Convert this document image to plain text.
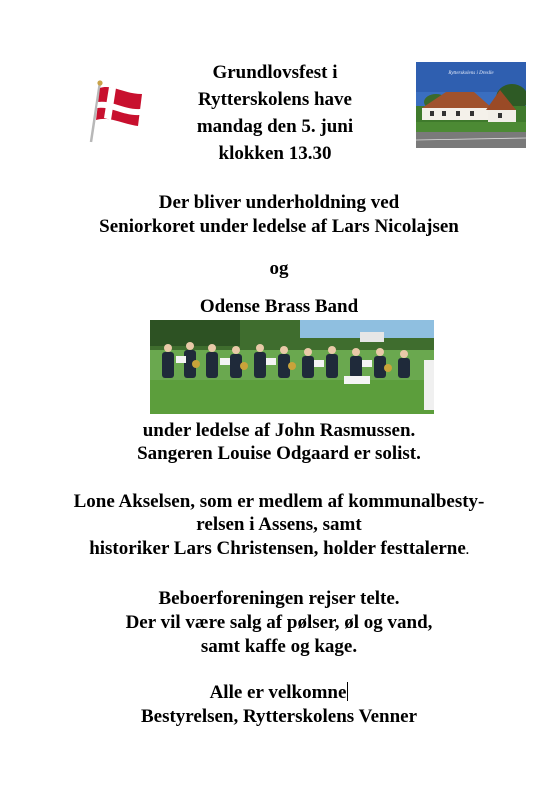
Grundlovsfest i
Rytterskolens have
mandag den 5. juni
klokken 13.30
Rytterskolens i Dreslle
Der bliver underholdning ved
Seniorkoret under ledelse af Lars Nicolajsen
og
Odense Brass Band
under ledelse af John Rasmussen.
Sangeren Louise Odgaard er solist.
Lone Akselsen, som er medlem af kommunalbesty-
relsen i Assens, samt
historiker Lars Christensen, holder festtalerne.
Beboerforeningen rejser telte.
Der vil være salg af pølser, øl og vand,
samt kaffe og kage.
Alle er velkomne
Bestyrelsen, Rytterskolens Venner
